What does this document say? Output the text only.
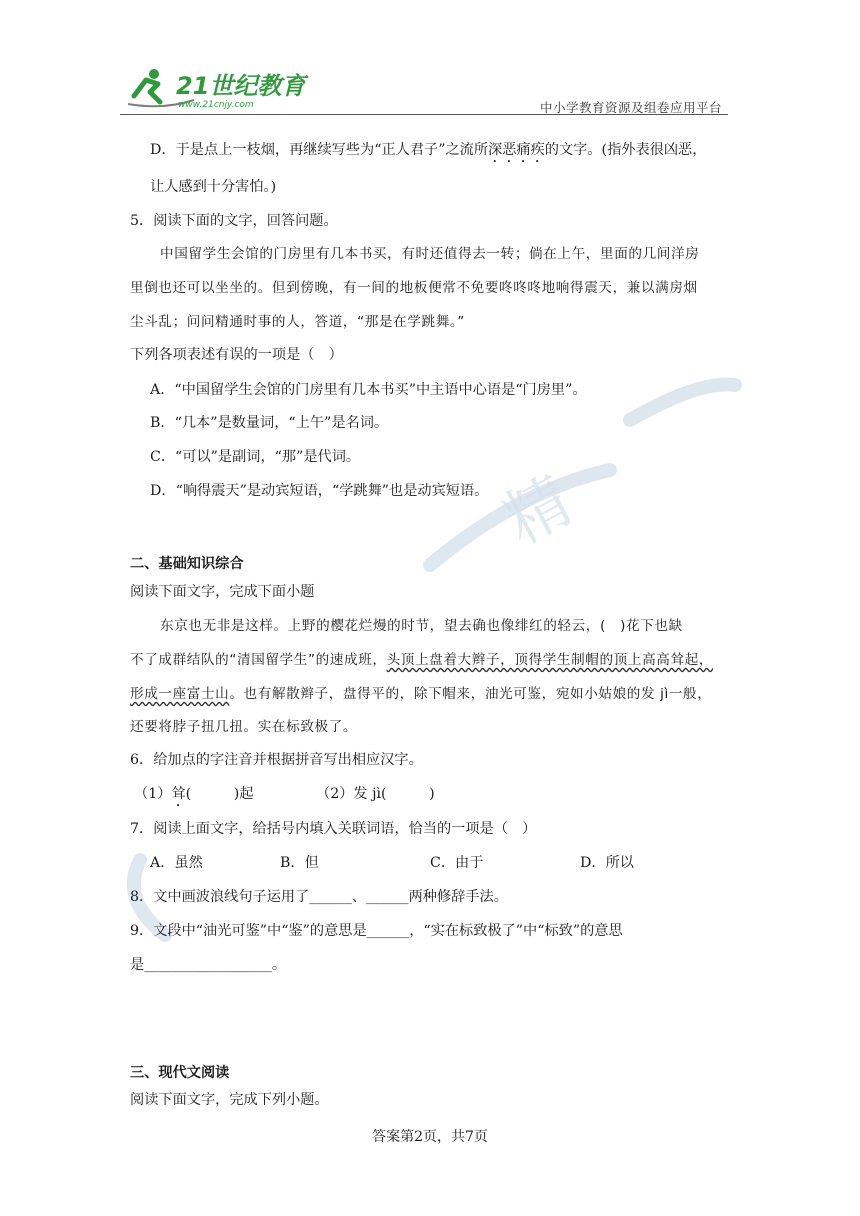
精
21世纪教育
www.21cnjy.com	中小学教育资源及组卷应用平台
D．于是点上一枝烟，再继续写些为“正人君子”之流所深恶痛疾的文字。(指外表很凶恶，
让人感到十分害怕。)
5．阅读下面的文字，回答问题。
中国留学生会馆的门房里有几本书买，有时还值得去一转；倘在上午，里面的几间洋房
里倒也还可以坐坐的。但到傍晚，有一间的地板便常不免要咚咚咚地响得震天，兼以满房烟
尘斗乱；问问精通时事的人，答道，“那是在学跳舞。”
下列各项表述有误的一项是（　）
A．“中国留学生会馆的门房里有几本书买”中主语中心语是“门房里”。
B．“几本”是数量词，“上午”是名词。
C．“可以”是副词，“那”是代词。
D．“响得震天”是动宾短语，“学跳舞”也是动宾短语。
二、基础知识综合
阅读下面文字，完成下面小题
东京也无非是这样。上野的樱花烂熳的时节，望去确也像绯红的轻云，(　)花下也缺
不了成群结队的“清国留学生”的速成班，头顶上盘着大辫子，顶得学生制帽的顶上高高耸起，
形成一座富士山。也有解散辫子，盘得平的，除下帽来，油光可鉴，宛如小姑娘的发 jì一般，
还要将脖子扭几扭。实在标致极了。
6．给加点的字注音并根据拼音写出相应汉字。
（1）耸(　　　)起	（2）发 jì(　　　)
7．阅读上面文字，给括号内填入关联词语，恰当的一项是（　）
A．虽然	B．但	C．由于	D．所以
8．文中画波浪线句子运用了______、______两种修辞手法。
9．文段中“油光可鉴”中“鉴”的意思是______，“实在标致极了”中“标致”的意思
是__________________。
三、现代文阅读
阅读下面文字，完成下列小题。
答案第2页，共7页
